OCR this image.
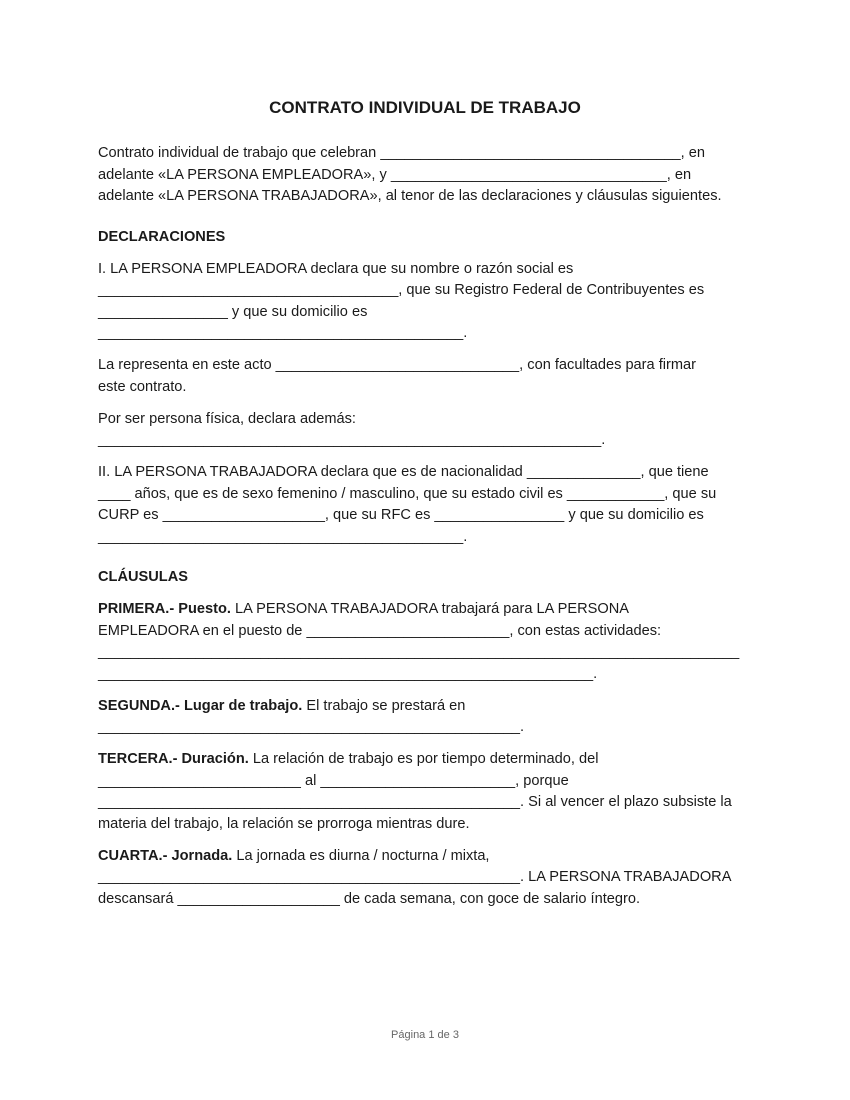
CONTRATO INDIVIDUAL DE TRABAJO

Contrato individual de trabajo que celebran _____________________________________, en
adelante «LA PERSONA EMPLEADORA», y __________________________________, en
adelante «LA PERSONA TRABAJADORA», al tenor de las declaraciones y cláusulas siguientes.

DECLARACIONES

I. LA PERSONA EMPLEADORA declara que su nombre o razón social es
_____________________________________, que su Registro Federal de Contribuyentes es
________________ y que su domicilio es
_____________________________________________.

La representa en este acto ______________________________, con facultades para firmar
este contrato.

Por ser persona física, declara además:
______________________________________________________________.

II. LA PERSONA TRABAJADORA declara que es de nacionalidad ______________, que tiene
____ años, que es de sexo femenino / masculino, que su estado civil es ____________, que su
CURP es ____________________, que su RFC es ________________ y que su domicilio es
_____________________________________________.

CLÁUSULAS

PRIMERA.- Puesto. LA PERSONA TRABAJADORA trabajará para LA PERSONA
EMPLEADORA en el puesto de _________________________, con estas actividades:
_______________________________________________________________________________
_____________________________________________________________.

SEGUNDA.- Lugar de trabajo. El trabajo se prestará en
____________________________________________________.

TERCERA.- Duración. La relación de trabajo es por tiempo determinado, del
_________________________ al ________________________, porque
____________________________________________________. Si al vencer el plazo subsiste la
materia del trabajo, la relación se prorroga mientras dure.

CUARTA.- Jornada. La jornada es diurna / nocturna / mixta,
____________________________________________________. LA PERSONA TRABAJADORA
descansará ____________________ de cada semana, con goce de salario íntegro.

Página 1 de 3
